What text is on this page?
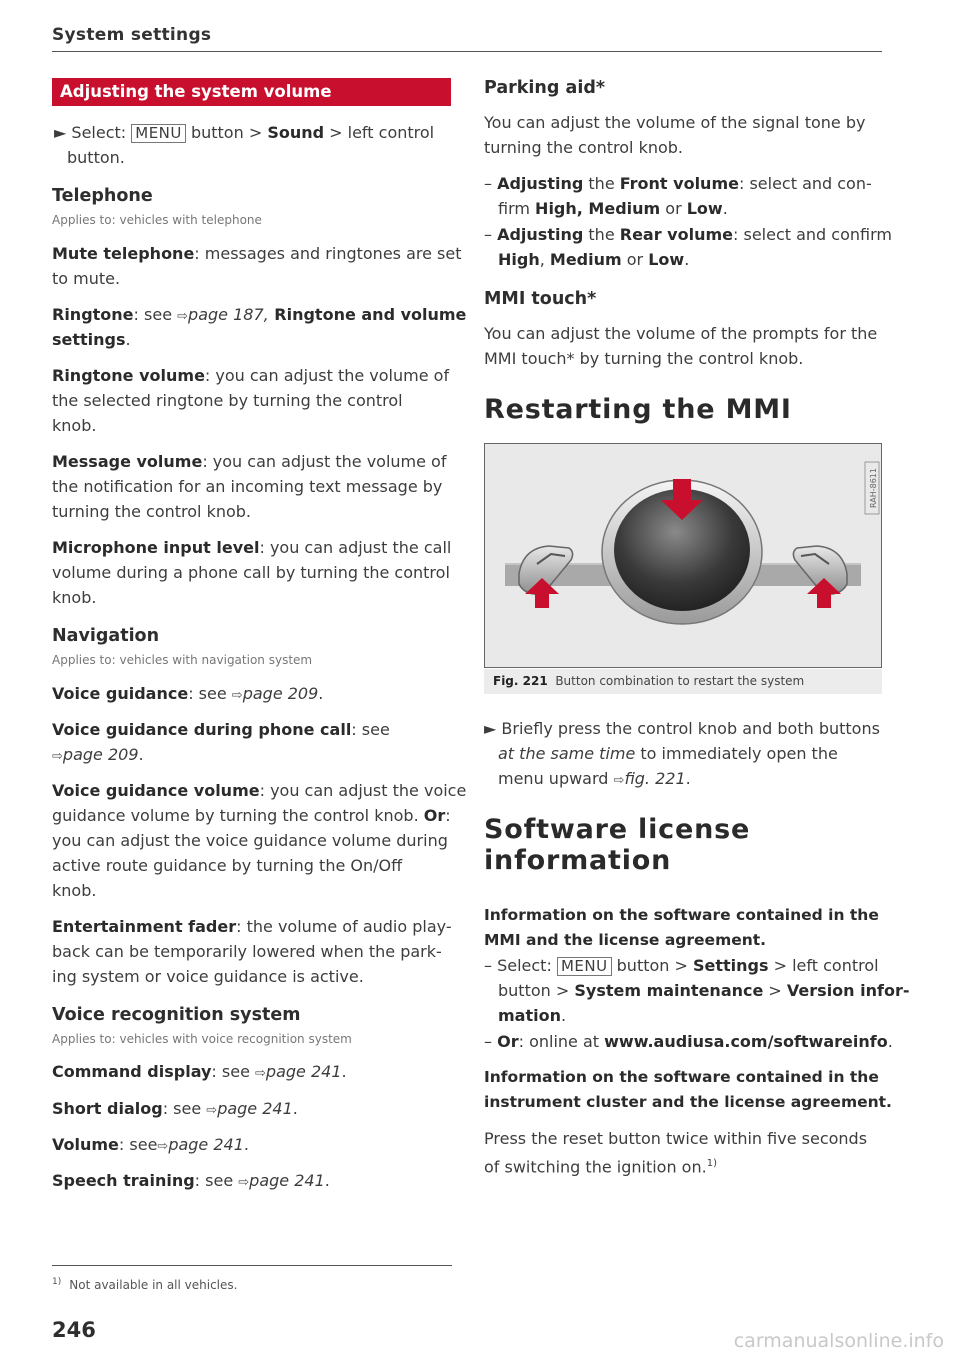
System settings
Adjusting the system volume
► Select: MENU button > Sound > left control
button.
Telephone
Applies to: vehicles with telephone
Mute telephone: messages and ringtones are set
to mute.
Ringtone: see ⇨page 187, Ringtone and volume
settings.
Ringtone volume: you can adjust the volume of
the selected ringtone by turning the control
knob.
Message volume: you can adjust the volume of
the notification for an incoming text message by
turning the control knob.
Microphone input level: you can adjust the call
volume during a phone call by turning the control
knob.
Navigation
Applies to: vehicles with navigation system
Voice guidance: see ⇨page 209.
Voice guidance during phone call: see
⇨page 209.
Voice guidance volume: you can adjust the voice
guidance volume by turning the control knob. Or:
you can adjust the voice guidance volume during
active route guidance by turning the On/Off
knob.
Entertainment fader: the volume of audio play-
back can be temporarily lowered when the park-
ing system or voice guidance is active.
Voice recognition system
Applies to: vehicles with voice recognition system
Command display: see ⇨page 241.
Short dialog: see ⇨page 241.
Volume: see⇨page 241.
Speech training: see ⇨page 241.
$^{1)}$ Not available in all vehicles.
246
Parking aid*
You can adjust the volume of the signal tone by
turning the control knob.
– Adjusting the Front volume: select and con-
firm High, Medium or Low.
– Adjusting the Rear volume: select and confirm
High, Medium or Low.
MMI touch*
You can adjust the volume of the prompts for the
MMI touch* by turning the control knob.
Restarting the MMI
RAH-8611
Fig. 221 Button combination to restart the system
► Briefly press the control knob and both buttons
at the same time to immediately open the
menu upward ⇨fig. 221.
Software license
information
Information on the software contained in the
MMI and the license agreement.
– Select: MENU button > Settings > left control
button > System maintenance > Version infor-
mation.
– Or: online at www.audiusa.com/softwareinfo.
Information on the software contained in the
instrument cluster and the license agreement.
Press the reset button twice within five seconds
of switching the ignition on.$^{1)}$
carmanualsonline.info
